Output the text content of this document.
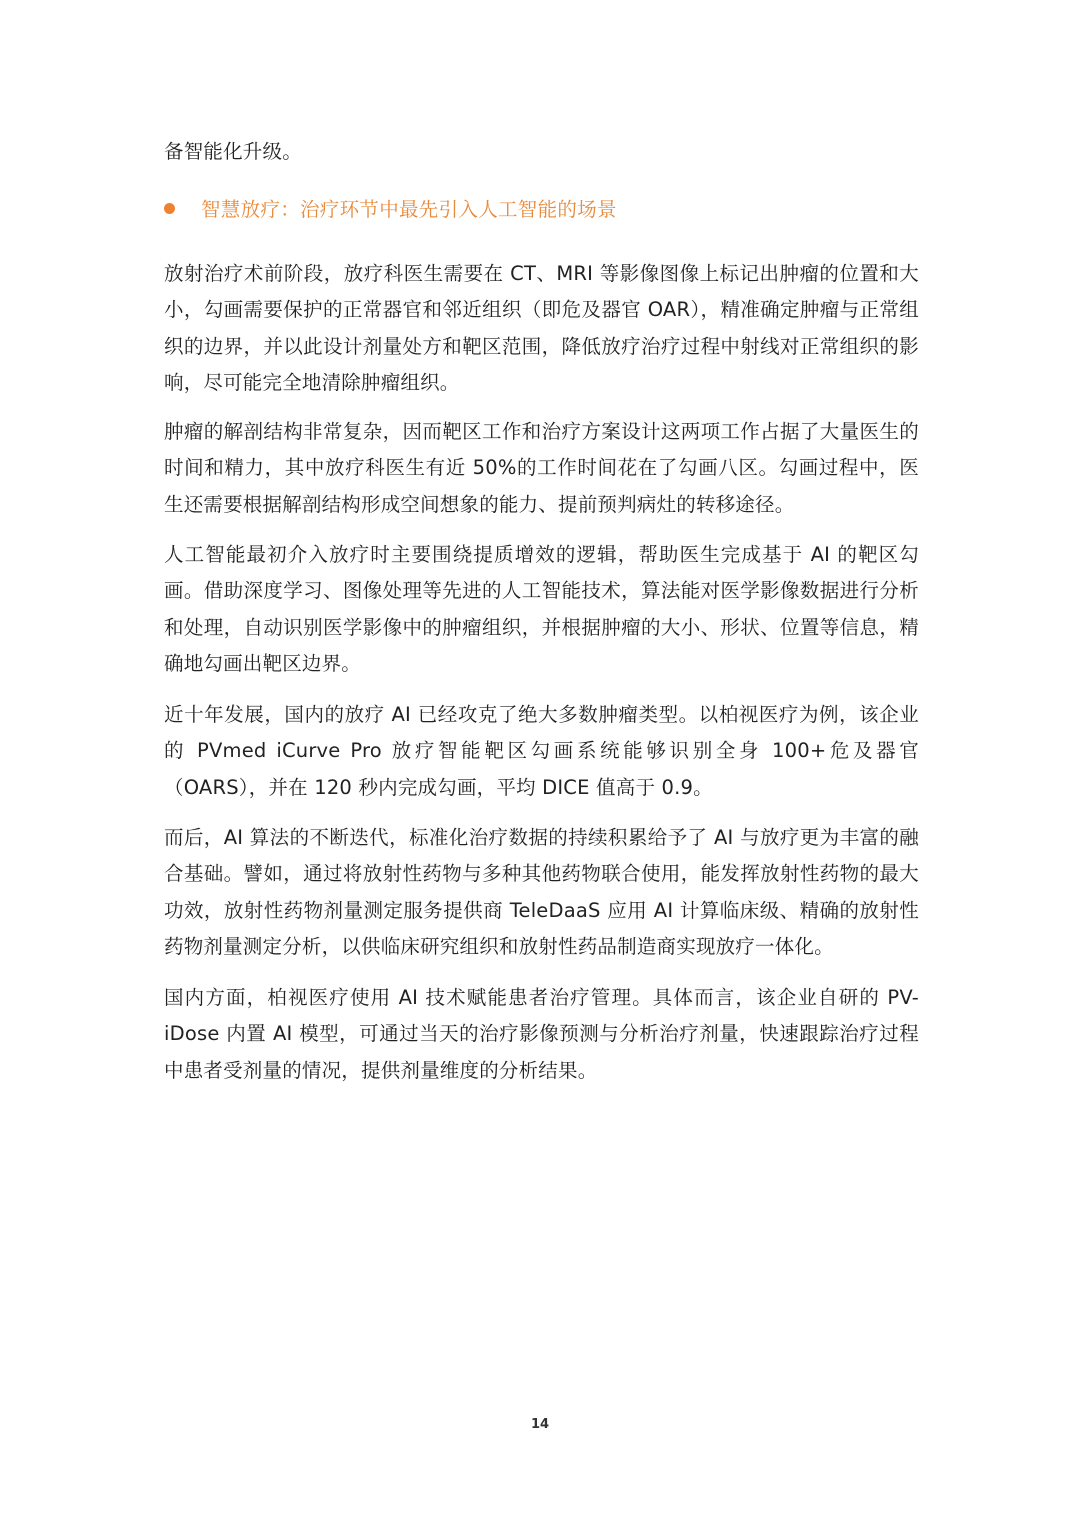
备智能化升级。

智慧放疗：治疗环节中最先引入人工智能的场景

放射治疗术前阶段，放疗科医生需要在 CT、MRI 等影像图像上标记出肿瘤的位置和大小，勾画需要保护的正常器官和邻近组织（即危及器官 OAR），精准确定肿瘤与正常组织的边界，并以此设计剂量处方和靶区范围，降低放疗治疗过程中射线对正常组织的影响，尽可能完全地清除肿瘤组织。

肿瘤的解剖结构非常复杂，因而靶区工作和治疗方案设计这两项工作占据了大量医生的时间和精力，其中放疗科医生有近 50%的工作时间花在了勾画八区。勾画过程中，医生还需要根据解剖结构形成空间想象的能力、提前预判病灶的转移途径。

人工智能最初介入放疗时主要围绕提质增效的逻辑，帮助医生完成基于 AI 的靶区勾画。借助深度学习、图像处理等先进的人工智能技术，算法能对医学影像数据进行分析和处理，自动识别医学影像中的肿瘤组织，并根据肿瘤的大小、形状、位置等信息，精确地勾画出靶区边界。

近十年发展，国内的放疗 AI 已经攻克了绝大多数肿瘤类型。以柏视医疗为例，该企业的 PVmed iCurve Pro 放疗智能靶区勾画系统能够识别全身 100+危及器官（OARS），并在 120 秒内完成勾画，平均 DICE 值高于 0.9。

而后，AI 算法的不断迭代，标准化治疗数据的持续积累给予了 AI 与放疗更为丰富的融合基础。譬如，通过将放射性药物与多种其他药物联合使用，能发挥放射性药物的最大功效，放射性药物剂量测定服务提供商 TeleDaaS 应用 AI 计算临床级、精确的放射性药物剂量测定分析，以供临床研究组织和放射性药品制造商实现放疗一体化。

国内方面，柏视医疗使用 AI 技术赋能患者治疗管理。具体而言，该企业自研的 PV-iDose 内置 AI 模型，可通过当天的治疗影像预测与分析治疗剂量，快速跟踪治疗过程中患者受剂量的情况，提供剂量维度的分析结果。

14
